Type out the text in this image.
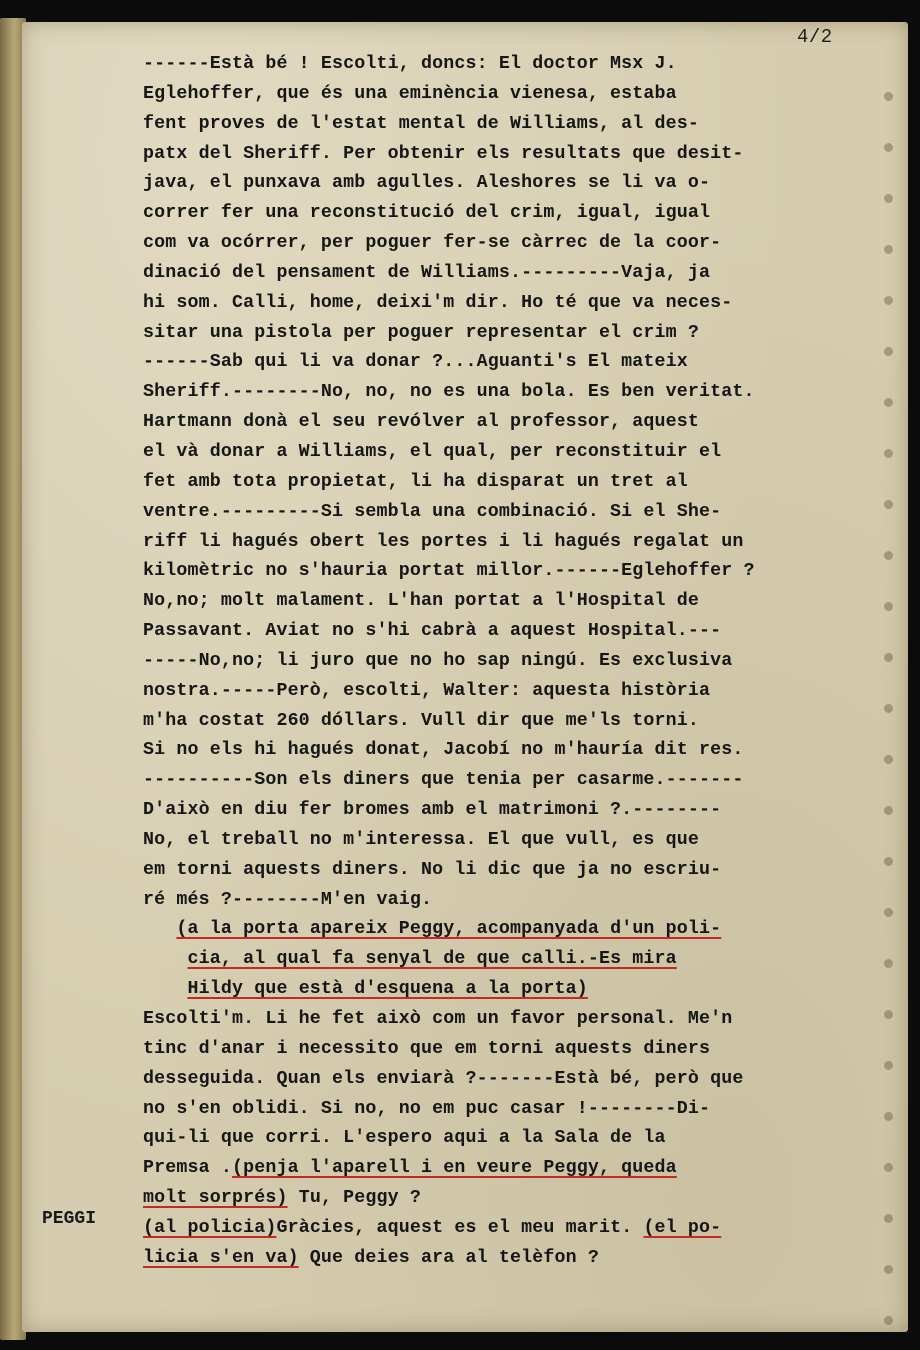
4/2
PEGGI
------Està bé ! Escolti, doncs: El doctor Msx J.
Eglehoffer, que és una eminència vienesa, estaba
fent proves de l'estat mental de Williams, al des-
patx del Sheriff. Per obtenir els resultats que desit-
java, el punxava amb agulles. Aleshores se li va o-
correr fer una reconstitució del crim, igual, igual
com va ocórrer, per poguer fer-se càrrec de la coor-
dinació del pensament de Williams.---------Vaja, ja
hi som. Calli, home, deixi'm dir. Ho té que va neces-
sitar una pistola per poguer representar el crim ?
------Sab qui li va donar ?...Aguanti's El mateix
Sheriff.--------No, no, no es una bola. Es ben veritat.
Hartmann donà el seu revólver al professor, aquest
el và donar a Williams, el qual, per reconstituir el
fet amb tota propietat, li ha disparat un tret al
ventre.---------Si sembla una combinació. Si el She-
riff li hagués obert les portes i li hagués regalat un
kilomètric no s'hauria portat millor.------Eglehoffer ?
No,no; molt malament. L'han portat a l'Hospital de
Passavant. Aviat no s'hi cabrà a aquest Hospital.---
-----No,no; li juro que no ho sap ningú. Es exclusiva
nostra.-----Però, escolti, Walter: aquesta història
m'ha costat 260 dóllars. Vull dir que me'ls torni.
Si no els hi hagués donat, Jacobí no m'hauría dit res.
----------Son els diners que tenia per casarme.-------
D'això en diu fer bromes amb el matrimoni ?.--------
No, el treball no m'interessa. El que vull, es que
em torni aquests diners. No li dic que ja no escriu-
ré més ?--------M'en vaig.
(a la porta apareix Peggy, acompanyada d'un poli-
cia, al qual fa senyal de que calli.-Es mira
Hildy que està d'esquena a la porta)
Escolti'm. Li he fet això com un favor personal. Me'n
tinc d'anar i necessito que em torni aquests diners
desseguida. Quan els enviarà ?-------Està bé, però que
no s'en oblidi. Si no, no em puc casar !--------Di-
qui-li que corri. L'espero aqui a la Sala de la
Premsa .(penja l'aparell i en veure Peggy, queda
molt sorprés) Tu, Peggy ?
(al policia)Gràcies, aquest es el meu marit. (el po-
licia s'en va) Que deies ara al telèfon ?
